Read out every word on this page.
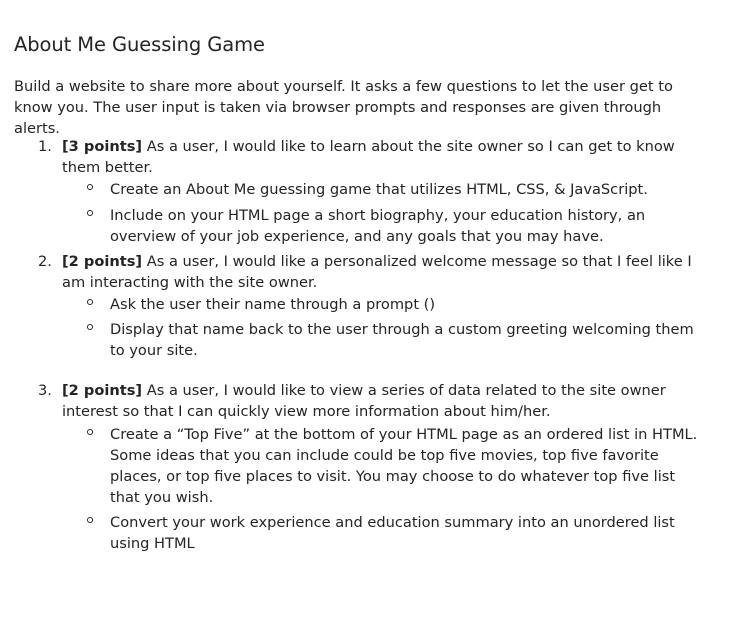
About Me Guessing Game

Build a website to share more about yourself. It asks a few questions to let the user get to know you. The user input is taken via browser prompts and responses are given through alerts.

1. [3 points] As a user, I would like to learn about the site owner so I can get to know them better.
Create an About Me guessing game that utilizes HTML, CSS, & JavaScript.
Include on your HTML page a short biography, your education history, an overview of your job experience, and any goals that you may have.
2. [2 points] As a user, I would like a personalized welcome message so that I feel like I am interacting with the site owner.
Ask the user their name through a prompt ()
Display that name back to the user through a custom greeting welcoming them to your site.
3. [2 points] As a user, I would like to view a series of data related to the site owner interest so that I can quickly view more information about him/her.
Create a “Top Five” at the bottom of your HTML page as an ordered list in HTML. Some ideas that you can include could be top five movies, top five favorite places, or top five places to visit. You may choose to do whatever top five list that you wish.
Convert your work experience and education summary into an unordered list using HTML
